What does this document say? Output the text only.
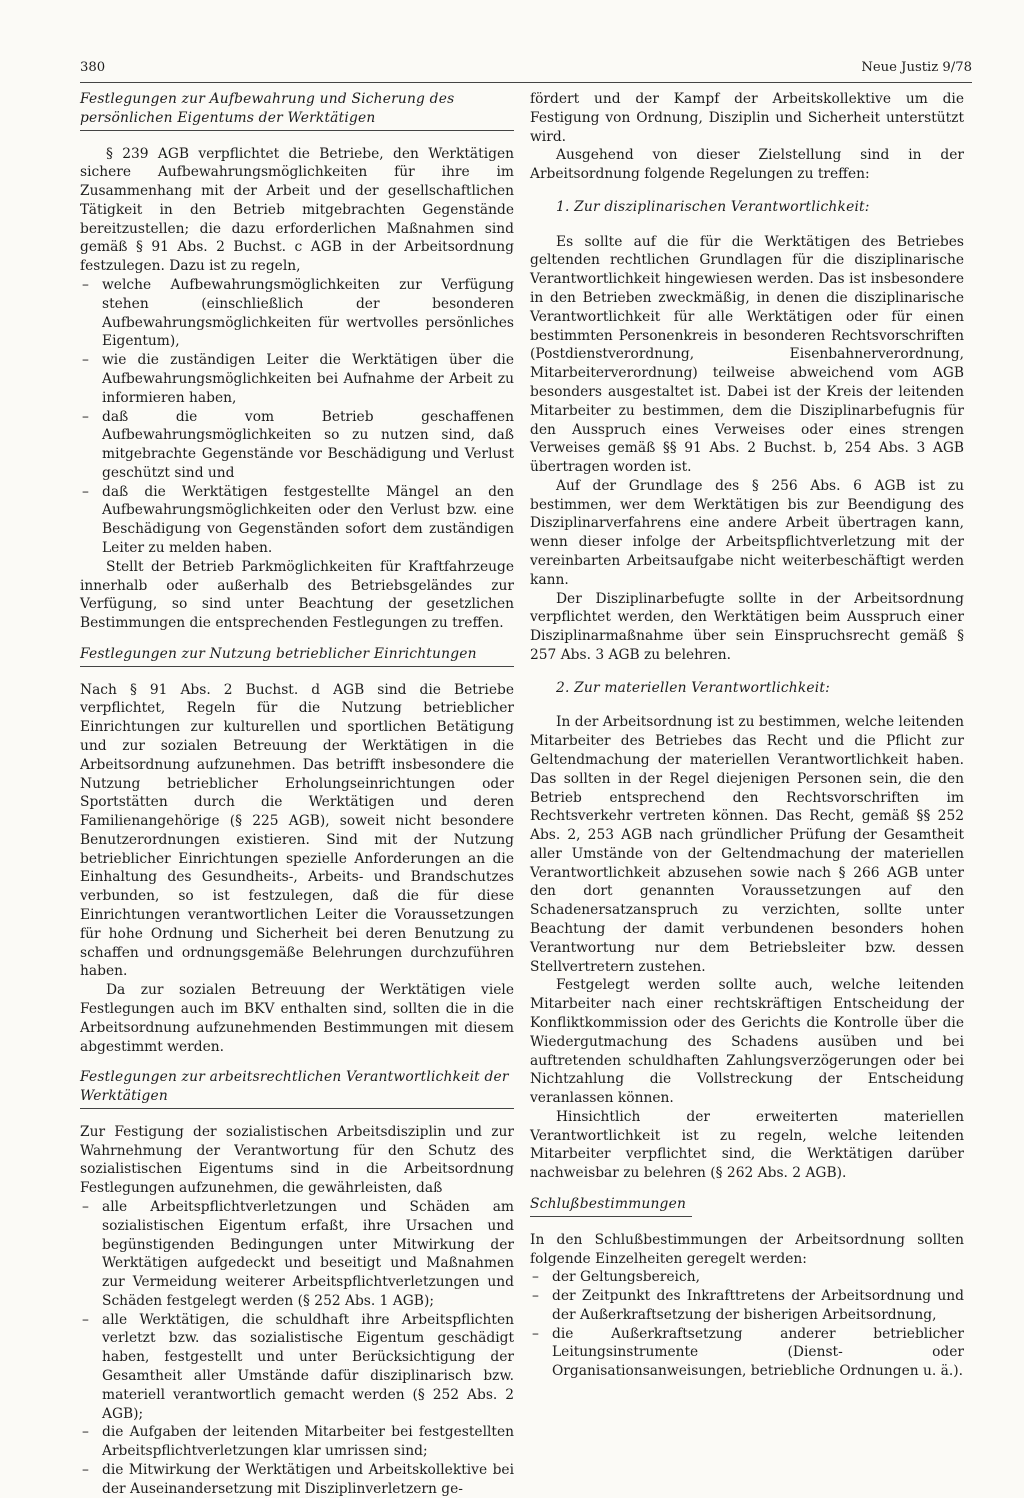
380	Neue Justiz 9/78
Festlegungen zur Aufbewahrung und Sicherung des persönlichen Eigentums der Werktätigen

§ 239 AGB verpflichtet die Betriebe, den Werktätigen sichere Aufbewahrungsmöglichkeiten für ihre im Zusammenhang mit der Arbeit und der gesellschaftlichen Tätigkeit in den Betrieb mitgebrachten Gegenstände bereitzustellen; die dazu erforderlichen Maßnahmen sind gemäß § 91 Abs. 2 Buchst. c AGB in der Arbeitsordnung festzulegen. Dazu ist zu regeln,

– welche Aufbewahrungsmöglichkeiten zur Verfügung stehen (einschließlich der besonderen Aufbewahrungsmöglichkeiten für wertvolles persönliches Eigentum),
– wie die zuständigen Leiter die Werktätigen über die Aufbewahrungsmöglichkeiten bei Aufnahme der Arbeit zu informieren haben,
– daß die vom Betrieb geschaffenen Aufbewahrungsmöglichkeiten so zu nutzen sind, daß mitgebrachte Gegenstände vor Beschädigung und Verlust geschützt sind und
– daß die Werktätigen festgestellte Mängel an den Aufbewahrungsmöglichkeiten oder den Verlust bzw. eine Beschädigung von Gegenständen sofort dem zuständigen Leiter zu melden haben.

Stellt der Betrieb Parkmöglichkeiten für Kraftfahrzeuge innerhalb oder außerhalb des Betriebsgeländes zur Verfügung, so sind unter Beachtung der gesetzlichen Bestimmungen die entsprechenden Festlegungen zu treffen.

Festlegungen zur Nutzung betrieblicher Einrichtungen

Nach § 91 Abs. 2 Buchst. d AGB sind die Betriebe verpflichtet, Regeln für die Nutzung betrieblicher Einrichtungen zur kulturellen und sportlichen Betätigung und zur sozialen Betreuung der Werktätigen in die Arbeitsordnung aufzunehmen. Das betrifft insbesondere die Nutzung betrieblicher Erholungseinrichtungen oder Sportstätten durch die Werktätigen und deren Familienangehörige (§ 225 AGB), soweit nicht besondere Benutzerordnungen existieren. Sind mit der Nutzung betrieblicher Einrichtungen spezielle Anforderungen an die Einhaltung des Gesundheits-, Arbeits- und Brandschutzes verbunden, so ist festzulegen, daß die für diese Einrichtungen verantwortlichen Leiter die Voraussetzungen für hohe Ordnung und Sicherheit bei deren Benutzung zu schaffen und ordnungsgemäße Belehrungen durchzuführen haben.

Da zur sozialen Betreuung der Werktätigen viele Festlegungen auch im BKV enthalten sind, sollten die in die Arbeitsordnung aufzunehmenden Bestimmungen mit diesem abgestimmt werden.

Festlegungen zur arbeitsrechtlichen Verantwortlichkeit der Werktätigen

Zur Festigung der sozialistischen Arbeitsdisziplin und zur Wahrnehmung der Verantwortung für den Schutz des sozialistischen Eigentums sind in die Arbeitsordnung Festlegungen aufzunehmen, die gewährleisten, daß

– alle Arbeitspflichtverletzungen und Schäden am sozialistischen Eigentum erfaßt, ihre Ursachen und begünstigenden Bedingungen unter Mitwirkung der Werktätigen aufgedeckt und beseitigt und Maßnahmen zur Vermeidung weiterer Arbeitspflichtverletzungen und Schäden festgelegt werden (§ 252 Abs. 1 AGB);
– alle Werktätigen, die schuldhaft ihre Arbeitspflichten verletzt bzw. das sozialistische Eigentum geschädigt haben, festgestellt und unter Berücksichtigung der Gesamtheit aller Umstände dafür disziplinarisch bzw. materiell verantwortlich gemacht werden (§ 252 Abs. 2 AGB);
– die Aufgaben der leitenden Mitarbeiter bei festgestellten Arbeitspflichtverletzungen klar umrissen sind;
– die Mitwirkung der Werktätigen und Arbeitskollektive bei der Auseinandersetzung mit Disziplinverletzern ge-

fördert und der Kampf der Arbeitskollektive um die Festigung von Ordnung, Disziplin und Sicherheit unterstützt wird.

Ausgehend von dieser Zielstellung sind in der Arbeitsordnung folgende Regelungen zu treffen:

1. Zur disziplinarischen Verantwortlichkeit:

Es sollte auf die für die Werktätigen des Betriebes geltenden rechtlichen Grundlagen für die disziplinarische Verantwortlichkeit hingewiesen werden. Das ist insbesondere in den Betrieben zweckmäßig, in denen die disziplinarische Verantwortlichkeit für alle Werktätigen oder für einen bestimmten Personenkreis in besonderen Rechtsvorschriften (Postdienstverordnung, Eisenbahnerverordnung, Mitarbeiterverordnung) teilweise abweichend vom AGB besonders ausgestaltet ist. Dabei ist der Kreis der leitenden Mitarbeiter zu bestimmen, dem die Disziplinarbefugnis für den Ausspruch eines Verweises oder eines strengen Verweises gemäß §§ 91 Abs. 2 Buchst. b, 254 Abs. 3 AGB übertragen worden ist.

Auf der Grundlage des § 256 Abs. 6 AGB ist zu bestimmen, wer dem Werktätigen bis zur Beendigung des Disziplinarverfahrens eine andere Arbeit übertragen kann, wenn dieser infolge der Arbeitspflichtverletzung mit der vereinbarten Arbeitsaufgabe nicht weiterbeschäftigt werden kann.

Der Disziplinarbefugte sollte in der Arbeitsordnung verpflichtet werden, den Werktätigen beim Ausspruch einer Disziplinarmaßnahme über sein Einspruchsrecht gemäß § 257 Abs. 3 AGB zu belehren.

2. Zur materiellen Verantwortlichkeit:

In der Arbeitsordnung ist zu bestimmen, welche leitenden Mitarbeiter des Betriebes das Recht und die Pflicht zur Geltendmachung der materiellen Verantwortlichkeit haben. Das sollten in der Regel diejenigen Personen sein, die den Betrieb entsprechend den Rechtsvorschriften im Rechtsverkehr vertreten können. Das Recht, gemäß §§ 252 Abs. 2, 253 AGB nach gründlicher Prüfung der Gesamtheit aller Umstände von der Geltendmachung der materiellen Verantwortlichkeit abzusehen sowie nach § 266 AGB unter den dort genannten Voraussetzungen auf den Schadenersatzanspruch zu verzichten, sollte unter Beachtung der damit verbundenen besonders hohen Verantwortung nur dem Betriebsleiter bzw. dessen Stellvertretern zustehen.

Festgelegt werden sollte auch, welche leitenden Mitarbeiter nach einer rechtskräftigen Entscheidung der Konfliktkommission oder des Gerichts die Kontrolle über die Wiedergutmachung des Schadens ausüben und bei auftretenden schuldhaften Zahlungsverzögerungen oder bei Nichtzahlung die Vollstreckung der Entscheidung veranlassen können.

Hinsichtlich der erweiterten materiellen Verantwortlichkeit ist zu regeln, welche leitenden Mitarbeiter verpflichtet sind, die Werktätigen darüber nachweisbar zu belehren (§ 262 Abs. 2 AGB).

Schlußbestimmungen

In den Schlußbestimmungen der Arbeitsordnung sollten folgende Einzelheiten geregelt werden:

– der Geltungsbereich,
– der Zeitpunkt des Inkrafttretens der Arbeitsordnung und der Außerkraftsetzung der bisherigen Arbeitsordnung,
– die Außerkraftsetzung anderer betrieblicher Leitungsinstrumente (Dienst- oder Organisationsanweisungen, betriebliche Ordnungen u. ä.).
